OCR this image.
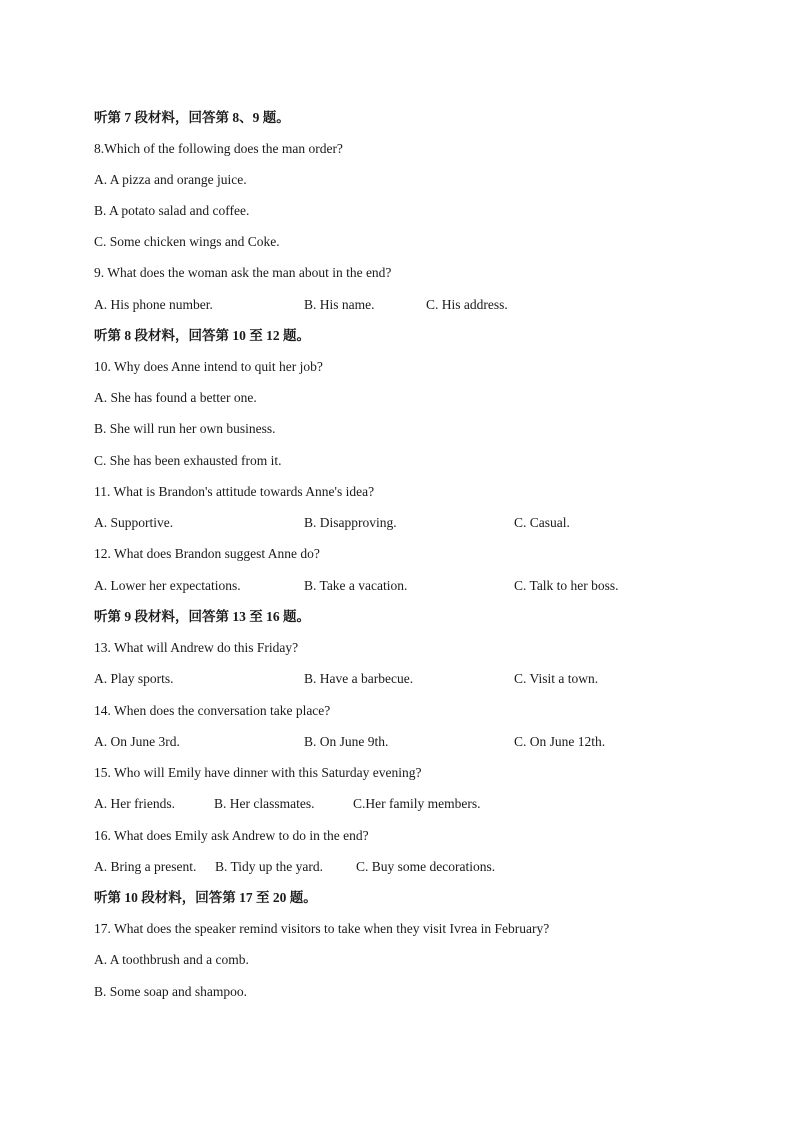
听第 7 段材料，回答第 8、9 题。
8.Which of the following does the man order?
A. A pizza and orange juice.
B. A potato salad and coffee.
C. Some chicken wings and Coke.
9. What does the woman ask the man about in the end?
A. His phone number.	B. His name.	C. His address.
听第 8 段材料，回答第 10 至 12 题。
10. Why does Anne intend to quit her job?
A. She has found a better one.
B. She will run her own business.
C. She has been exhausted from it.
11. What is Brandon's attitude towards Anne's idea?
A. Supportive.	B. Disapproving.	C. Casual.
12. What does Brandon suggest Anne do?
A. Lower her expectations.	B. Take a vacation.	C. Talk to her boss.
听第 9 段材料，回答第 13 至 16 题。
13. What will Andrew do this Friday?
A. Play sports.	B. Have a barbecue.	C. Visit a town.
14. When does the conversation take place?
A. On June 3rd.	B. On June 9th.	C. On June 12th.
15. Who will Emily have dinner with this Saturday evening?
A. Her friends.	B. Her classmates.	C.Her family members.
16. What does Emily ask Andrew to do in the end?
A. Bring a present. B. Tidy up the yard. C. Buy some decorations.
听第 10 段材料，回答第 17 至 20 题。
17. What does the speaker remind visitors to take when they visit Ivrea in February?
A. A toothbrush and a comb.
B. Some soap and shampoo.
